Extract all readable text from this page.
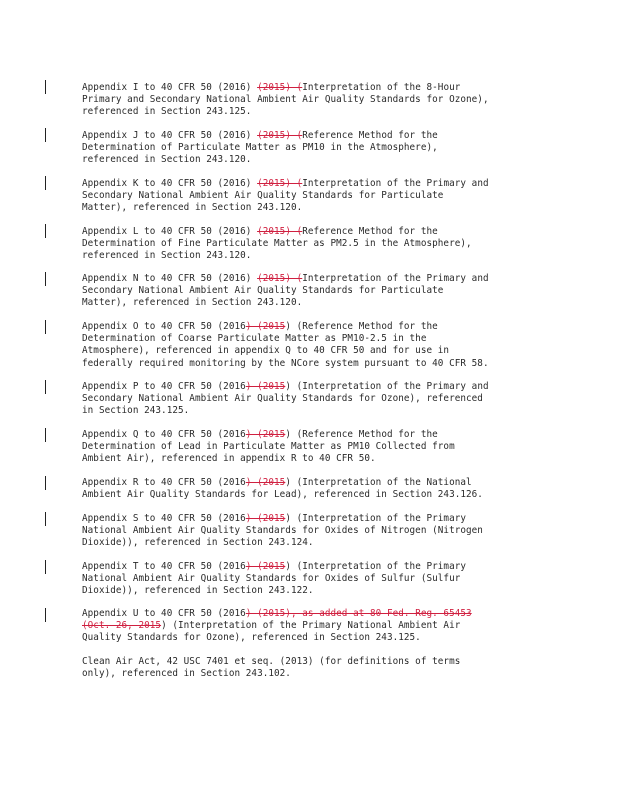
Appendix I to 40 CFR 50 (2016) (2015) (Interpretation of the 8-Hour
Primary and Secondary National Ambient Air Quality Standards for Ozone),
referenced in Section 243.125.
Appendix J to 40 CFR 50 (2016) (2015) (Reference Method for the
Determination of Particulate Matter as PM10 in the Atmosphere),
referenced in Section 243.120.
Appendix K to 40 CFR 50 (2016) (2015) (Interpretation of the Primary and
Secondary National Ambient Air Quality Standards for Particulate
Matter), referenced in Section 243.120.
Appendix L to 40 CFR 50 (2016) (2015) (Reference Method for the
Determination of Fine Particulate Matter as PM2.5 in the Atmosphere),
referenced in Section 243.120.
Appendix N to 40 CFR 50 (2016) (2015) (Interpretation of the Primary and
Secondary National Ambient Air Quality Standards for Particulate
Matter), referenced in Section 243.120.
Appendix O to 40 CFR 50 (2016) (2015) (Reference Method for the
Determination of Coarse Particulate Matter as PM10-2.5 in the
Atmosphere), referenced in appendix Q to 40 CFR 50 and for use in
federally required monitoring by the NCore system pursuant to 40 CFR 58.
Appendix P to 40 CFR 50 (2016) (2015) (Interpretation of the Primary and
Secondary National Ambient Air Quality Standards for Ozone), referenced
in Section 243.125.
Appendix Q to 40 CFR 50 (2016) (2015) (Reference Method for the
Determination of Lead in Particulate Matter as PM10 Collected from
Ambient Air), referenced in appendix R to 40 CFR 50.
Appendix R to 40 CFR 50 (2016) (2015) (Interpretation of the National
Ambient Air Quality Standards for Lead), referenced in Section 243.126.
Appendix S to 40 CFR 50 (2016) (2015) (Interpretation of the Primary
National Ambient Air Quality Standards for Oxides of Nitrogen (Nitrogen
Dioxide)), referenced in Section 243.124.
Appendix T to 40 CFR 50 (2016) (2015) (Interpretation of the Primary
National Ambient Air Quality Standards for Oxides of Sulfur (Sulfur
Dioxide)), referenced in Section 243.122.
Appendix U to 40 CFR 50 (2016) (2015), as added at 80 Fed. Reg. 65453
(Oct. 26, 2015) (Interpretation of the Primary National Ambient Air
Quality Standards for Ozone), referenced in Section 243.125.
Clean Air Act, 42 USC 7401 et seq. (2013) (for definitions of terms
only), referenced in Section 243.102.
